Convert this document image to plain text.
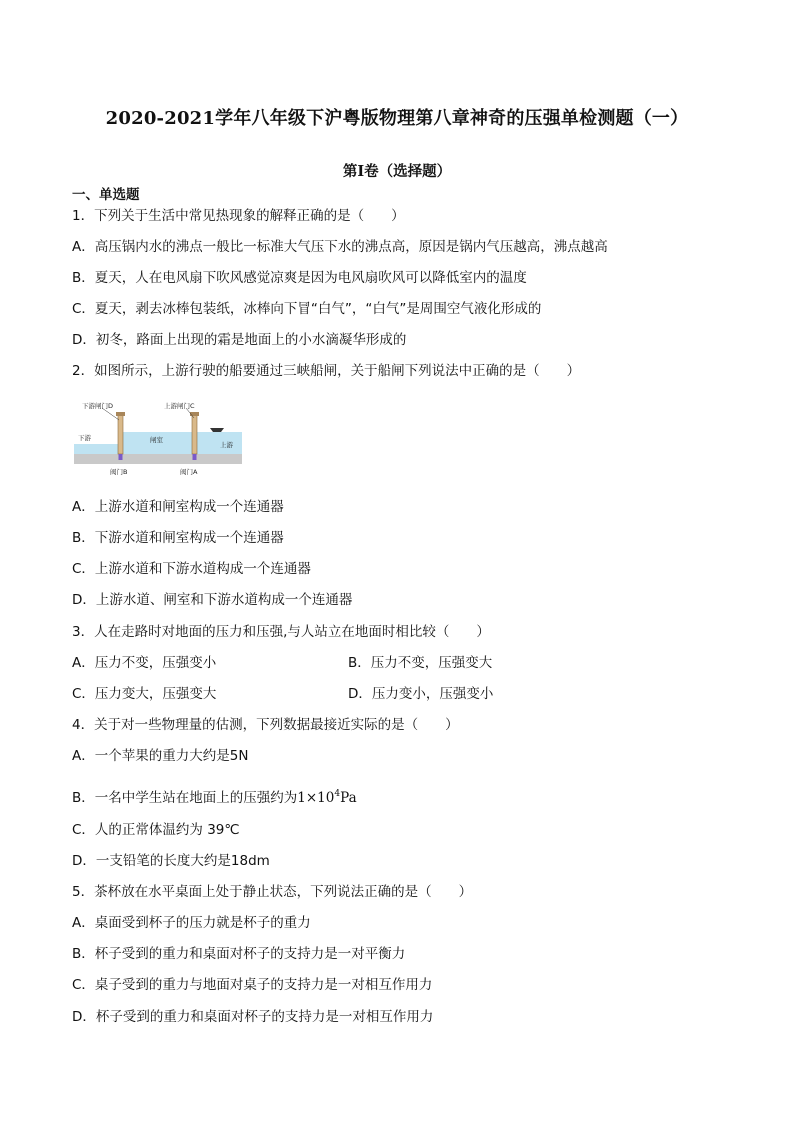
2020-2021学年八年级下沪粤版物理第八章神奇的压强单检测题（一）
第Ⅰ卷（选择题）
一、单选题
1．下列关于生活中常见热现象的解释正确的是（　　）
A．高压锅内水的沸点一般比一标准大气压下水的沸点高，原因是锅内气压越高，沸点越高
B．夏天，人在电风扇下吹风感觉凉爽是因为电风扇吹风可以降低室内的温度
C．夏天，剥去冰棒包装纸，冰棒向下冒“白气”，“白气”是周围空气液化形成的
D．初冬，路面上出现的霜是地面上的小水滴凝华形成的
2．如图所示，上游行驶的船要通过三峡船闸，关于船闸下列说法中正确的是（　　）
下游闸门D	上游闸门C
下游	闸室
上游
阀门B	阀门A
A．上游水道和闸室构成一个连通器
B．下游水道和闸室构成一个连通器
C．上游水道和下游水道构成一个连通器
D．上游水道、闸室和下游水道构成一个连通器
3．人在走路时对地面的压力和压强,与人站立在地面时相比较（　　）
A．压力不变，压强变小	B．压力不变，压强变大
C．压力变大，压强变大	D．压力变小，压强变小
4．关于对一些物理量的估测，下列数据最接近实际的是（　　）
A．一个苹果的重力大约是5N
B．一名中学生站在地面上的压强约为$1\times 10^4Pa$
C．人的正常体温约为 39℃
D．一支铅笔的长度大约是18dm
5．茶杯放在水平桌面上处于静止状态，下列说法正确的是（　　）
A．桌面受到杯子的压力就是杯子的重力
B．杯子受到的重力和桌面对杯子的支持力是一对平衡力
C．桌子受到的重力与地面对桌子的支持力是一对相互作用力
D．杯子受到的重力和桌面对杯子的支持力是一对相互作用力
